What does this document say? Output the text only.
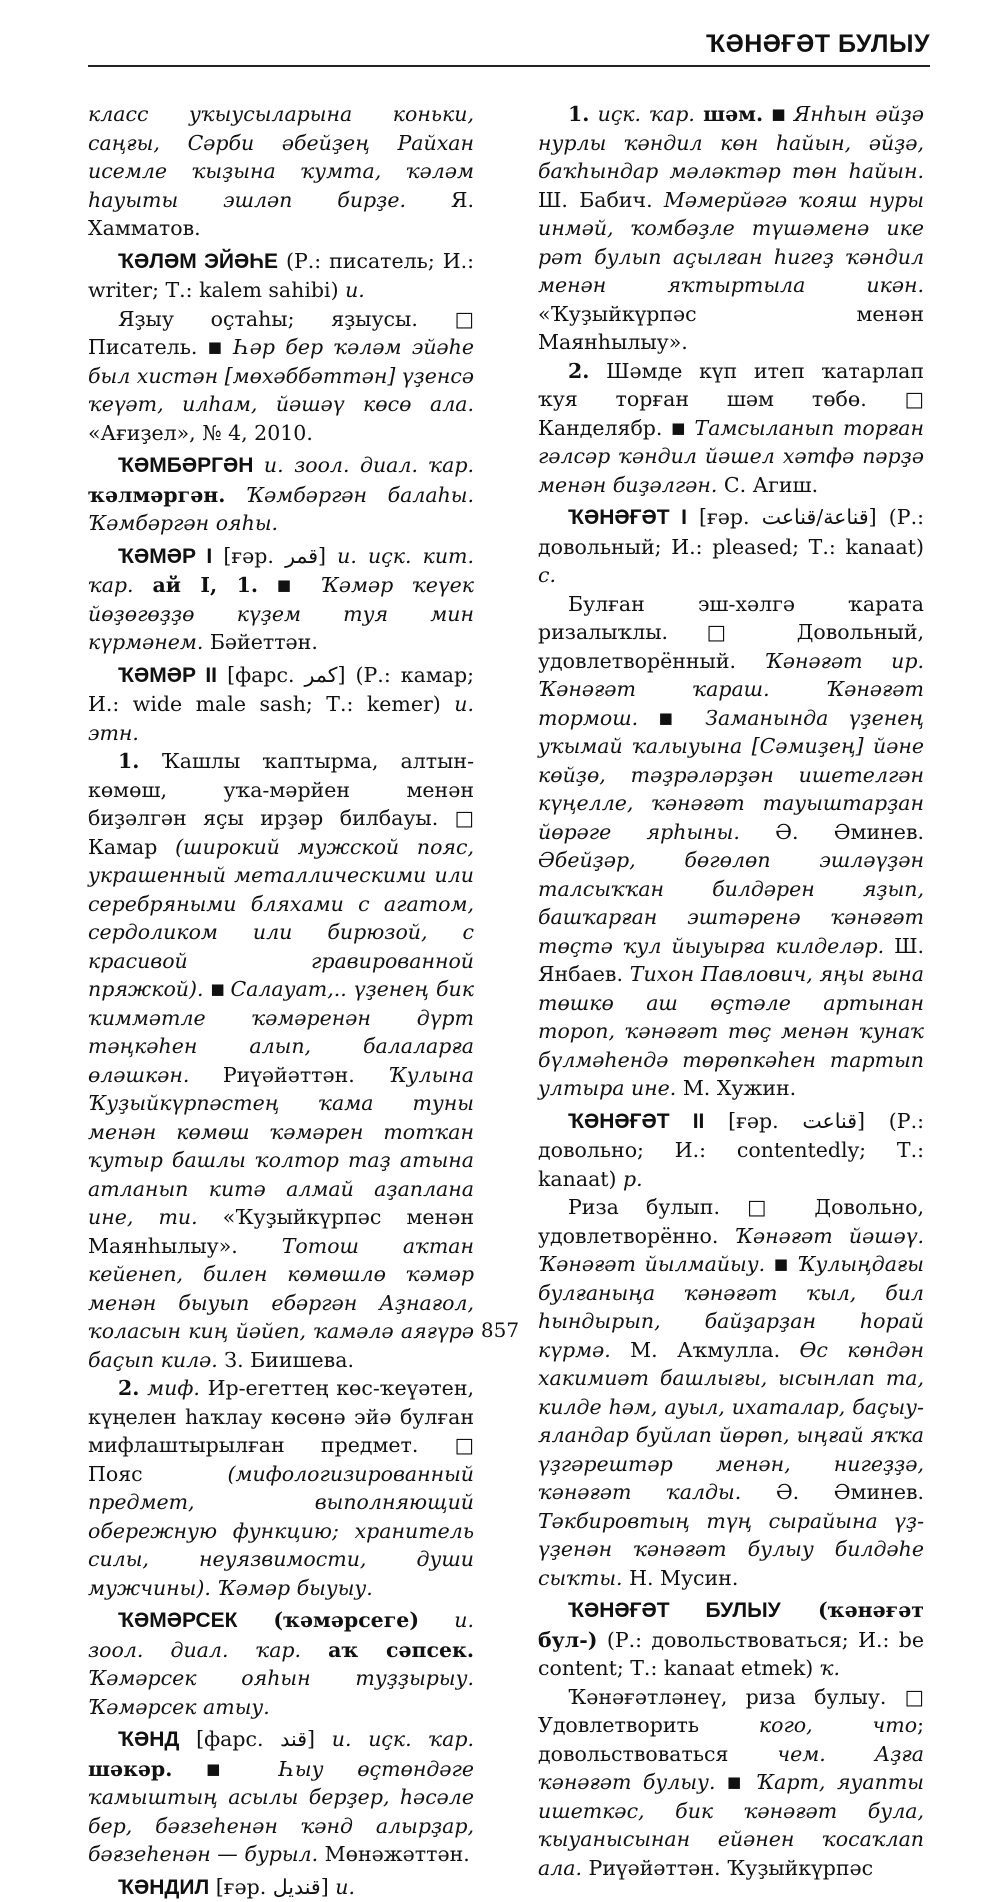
ҠӘНӘҒӘТ БУЛЫУ

класс уҡыусыларына коньки, саңғы, Сәрби әбейҙең Райхан исемле ҡыҙына ҡумта, ҡәләм һауыты эшләп бирҙе. Я. Хамматов.

ҠӘЛӘМ ЭЙӘҺЕ (Р.: писатель; И.: writer; Т.: kalem sahibi) и.

Яҙыу оҫтаһы; яҙыусы. □ Писатель. ■ Һәр бер ҡәләм эйәһе был хистән [мөхәббәттән] үҙенсә ҡеүәт, илһам, йәшәү көсө ала. «Ағиҙел», № 4, 2010.

ҠӘМБӘРГӘН и. зоол. диал. ҡар. ҡәлмәргән. Ҡәмбәргән балаһы. Ҡәмбәргән ояһы.

ҠӘМӘР I [ғәр. قمر] и. иҫк. кит. ҡар. ай I, 1. ■ Ҡәмәр ҡеүек йөҙөгөҙҙө күҙем туя мин күрмәнем. Бәйеттән.

ҠӘМӘР II [фарс. كمر] (Р.: камар; И.: wide male sash; Т.: kemer) и. этн.

1. Ҡашлы ҡаптырма, алтын-көмөш, уҡа-мәрйен менән биҙәлгән яҫы ирҙәр билбауы. □ Камар (широкий мужской пояс, украшенный металлическими или серебряными бляхами с агатом, сердоликом или бирюзой, с красивой гравированной пряжкой). ■ Салауат,.. үҙенең бик ҡиммәтле ҡәмәренән дүрт тәңкәһен алып, балаларға өләшкән. Риүәйәттән. Ҡулына Ҡуҙыйкүрпәстең ҡама туны менән көмөш ҡәмәрен тотҡан ҡутыр башлы ҡолтор таҙ атына атланып китә алмай аҙаплана ине, ти. «Ҡуҙыйкүрпәс менән Маянһылыу». Тотош аҡтан кейенеп, билен көмөшлө ҡәмәр менән быуып ебәргән Аҙнағол, ҡоласын киң йәйеп, ҡамәлә аяғүрә баҫып килә. З. Биишева.

2. миф. Ир-егеттең көс-ҡеүәтен, күңелен һаҡлау көсөнә эйә булған мифлаштырылған предмет. □ Пояс (мифологизированный предмет, выполняющий обережную функцию; хранитель силы, неуязвимости, души мужчины). Ҡәмәр быуыу.

ҠӘМӘРСЕК (ҡәмәрсеге) и. зоол. диал. ҡар. аҡ сәпсек. Ҡәмәрсек ояһын туҙҙырыу. Ҡәмәрсек атыу.

ҠӘНД [фарс. قند] и. иҫк. ҡар. шәкәр. ■ Һыу өҫтөндәге ҡамыштың асылы берҙер, һәсәле бер, бәғзеһенән ҡәнд алырҙар, бәғзеһенән — бурыл. Мөнәжәттән.

ҠӘНДИЛ [ғәр. قنديل] и.

1. иҫк. ҡар. шәм. ■ Янһын әйҙә нурлы ҡәндил көн һайын, әйҙә, баҡһындар мәләктәр төн һайын. Ш. Бабич. Мәмерйәгә ҡояш нуры инмәй, ҡомбәҙле түшәменә ике рәт булып аҫылған һигеҙ ҡәндил менән яҡтыртыла икән. «Ҡуҙыйкүрпәс менән Маянһылыу».

2. Шәмде күп итеп ҡатарлап ҡуя торған шәм төбө. □ Канделябр. ■ Тамсыланып торған гәлсәр ҡәндил йәшел хәтфә пәрҙә менән биҙәлгән. С. Агиш.

ҠӘНӘҒӘТ I [ғәр. قناعة/قناعت] (Р.: довольный; И.: pleased; Т.: kanaat) с.

Булған эш-хәлгә ҡарата ризалыҡлы. □ Довольный, удовлетворённый. Ҡәнәғәт ир. Ҡәнәғәт ҡараш. Ҡәнәғәт тормош. ■ Заманында үҙенең уҡымай ҡалыуына [Сәмиҙең] йәне көйҙө, тәҙрәләрҙән ишетелгән күңелле, ҡәнәғәт тауыштарҙан йөрәге ярһыны. Ә. Әминев. Әбейҙәр, бөгөлөп эшләүҙән талсыҡҡан билдәрен яҙып, башҡарған эштәренә ҡәнәғәт төҫтә ҡул йыуырға килделәр. Ш. Янбаев. Тихон Павлович, яңы ғына төшкө аш өҫтәле артынан тороп, ҡәнәғәт төҫ менән ҡунаҡ бүлмәһендә төрөпкәһен тартып ултыра ине. М. Хужин.

ҠӘНӘҒӘТ II [ғәр. قناعت] (Р.: довольно; И.: contentedly; Т.: kanaat) р.

Риза булып. □ Довольно, удовлетворённо. Ҡәнәғәт йәшәү. Ҡәнәғәт йылмайыу. ■ Ҡулыңдағы булғаныңа ҡәнәғәт ҡыл, бил һындырып, байҙарҙан һорай күрмә. М. Аҡмулла. Өс көндән хакимиәт башлығы, ысынлап та, килде һәм, ауыл, ихаталар, баҫыу-яландар буйлап йөрөп, ыңғай яҡҡа үҙгәрештәр менән, нигеҙҙә, ҡәнәғәт ҡалды. Ә. Әминев. Тәкбировтың түң сырайына үҙ-үҙенән ҡәнәғәт булыу билдәһе сыҡты. Н. Мусин.

ҠӘНӘҒӘТ БУЛЫУ (ҡәнәғәт бул-) (Р.: довольствоваться; И.: be content; Т.: kanaat etmek) ҡ.

Ҡәнәғәтләнеү, риза булыу. □ Удовлетворить кого, что; довольствоваться чем. Аҙға ҡәнәғәт булыу. ■ Ҡарт, яуапты ишеткәс, бик ҡәнәғәт була, ҡыуанысынан ейәнен ҡосаҡлап ала. Риүәйәттән. Ҡуҙыйкүрпәс

857
